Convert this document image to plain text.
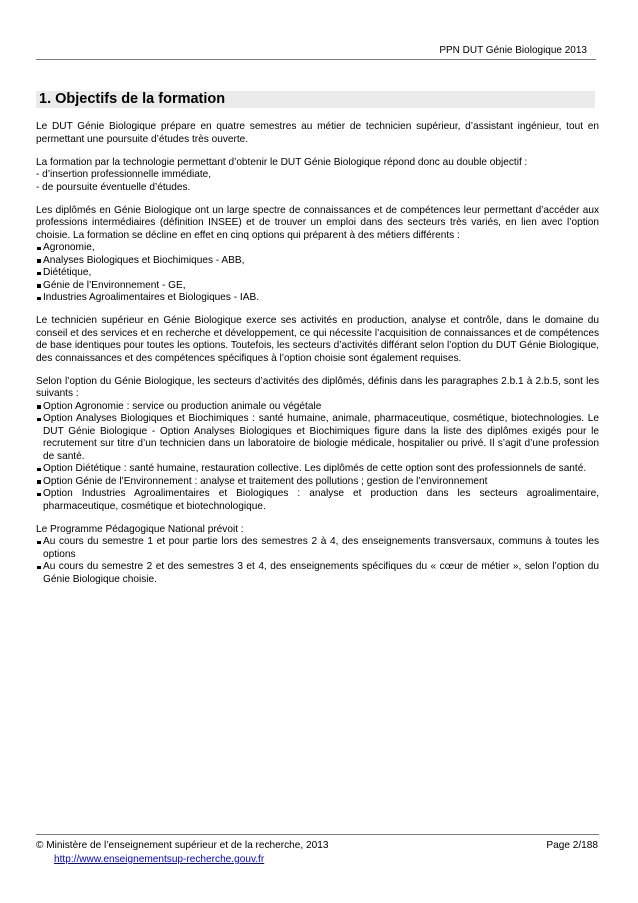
PPN DUT Génie Biologique 2013
1. Objectifs de la formation

Le DUT Génie Biologique prépare en quatre semestres au métier de technicien supérieur, d’assistant ingénieur, tout en permettant une poursuite d’études très ouverte.

La formation par la technologie permettant d’obtenir le DUT Génie Biologique répond donc au double objectif :

- d’insertion professionnelle immédiate,
- de poursuite éventuelle d’études.

Les diplômés en Génie Biologique ont un large spectre de connaissances et de compétences leur permettant d’accéder aux professions intermédiaires (définition INSEE) et de trouver un emploi dans des secteurs très variés, en lien avec l’option choisie. La formation se décline en effet en cinq options qui préparent à des métiers différents :

Agronomie,
Analyses Biologiques et Biochimiques - ABB,
Diététique,
Génie de l’Environnement - GE,
Industries Agroalimentaires et Biologiques - IAB.

Le technicien supérieur en Génie Biologique exerce ses activités en production, analyse et contrôle, dans le domaine du conseil et des services et en recherche et développement, ce qui nécessite l’acquisition de connaissances et de compétences de base identiques pour toutes les options. Toutefois, les secteurs d’activités différant selon l’option du DUT Génie Biologique, des connaissances et des compétences spécifiques à l’option choisie sont également requises.

Selon l’option du Génie Biologique, les secteurs d’activités des diplômés, définis dans les paragraphes 2.b.1 à 2.b.5, sont les suivants :

Option Agronomie : service ou production animale ou végétale
Option Analyses Biologiques et Biochimiques : santé humaine, animale, pharmaceutique, cosmétique, biotechnologies. Le DUT Génie Biologique - Option Analyses Biologiques et Biochimiques figure dans la liste des diplômes exigés pour le recrutement sur titre d’un technicien dans un laboratoire de biologie médicale, hospitalier ou privé. Il s’agit d’une profession de santé.
Option Diététique : santé humaine, restauration collective. Les diplômés de cette option sont des professionnels de santé.
Option Génie de l’Environnement : analyse et traitement des pollutions ; gestion de l’environnement
Option Industries Agroalimentaires et Biologiques : analyse et production dans les secteurs agroalimentaire, pharmaceutique, cosmétique et biotechnologique.

Le Programme Pédagogique National prévoit :

Au cours du semestre 1 et pour partie lors des semestres 2 à 4, des enseignements transversaux, communs à toutes les options
Au cours du semestre 2 et des semestres 3 et 4, des enseignements spécifiques du « cœur de métier », selon l’option du Génie Biologique choisie.
© Ministère de l’enseignement supérieur et de la recherche, 2013	Page 2/188
http://www.enseignementsup-recherche.gouv.fr
